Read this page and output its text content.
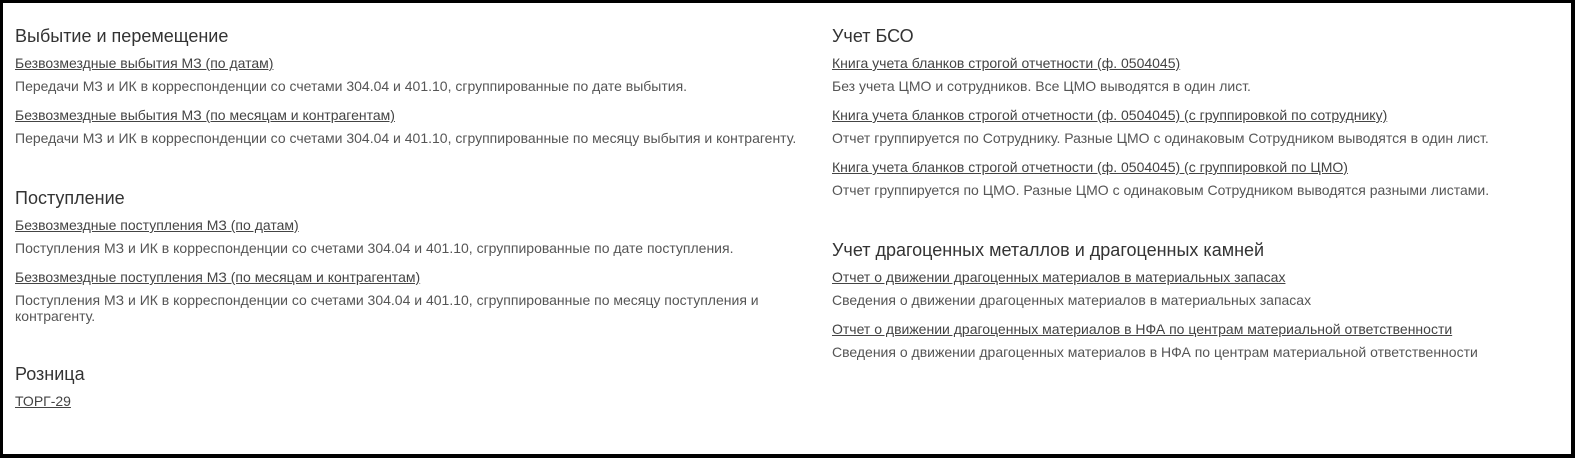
Выбытие и перемещение
Безвозмездные выбытия МЗ (по датам)
Передачи МЗ и ИК в корреспонденции со счетами 304.04 и 401.10, сгруппированные по дате выбытия.
Безвозмездные выбытия МЗ (по месяцам и контрагентам)
Передачи МЗ и ИК в корреспонденции со счетами 304.04 и 401.10, сгруппированные по месяцу выбытия и контрагенту.
Поступление
Безвозмездные поступления МЗ (по датам)
Поступления МЗ и ИК в корреспонденции со счетами 304.04 и 401.10, сгруппированные по дате поступления.
Безвозмездные поступления МЗ (по месяцам и контрагентам)
Поступления МЗ и ИК в корреспонденции со счетами 304.04 и 401.10, сгруппированные по месяцу поступления и контрагенту.
Розница
ТОРГ-29
Учет БСО
Книга учета бланков строгой отчетности (ф. 0504045)
Без учета ЦМО и сотрудников. Все ЦМО выводятся в один лист.
Книга учета бланков строгой отчетности (ф. 0504045) (с группировкой по сотруднику)
Отчет группируется по Сотруднику. Разные ЦМО с одинаковым Сотрудником выводятся в один лист.
Книга учета бланков строгой отчетности (ф. 0504045) (с группировкой по ЦМО)
Отчет группируется по ЦМО. Разные ЦМО с одинаковым Сотрудником выводятся разными листами.
Учет драгоценных металлов и драгоценных камней
Отчет о движении драгоценных материалов в материальных запасах
Сведения о движении драгоценных материалов в материальных запасах
Отчет о движении драгоценных материалов в НФА по центрам материальной ответственности
Сведения о движении драгоценных материалов в НФА по центрам материальной ответственности
